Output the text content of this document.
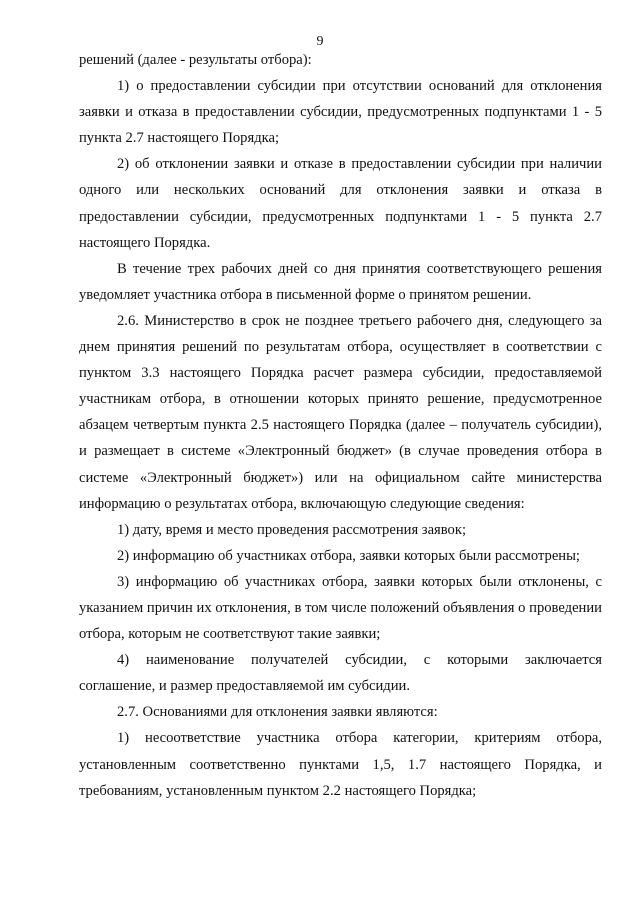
9

решений (далее - результаты отбора):

1) о предоставлении субсидии при отсутствии оснований для отклонения заявки и отказа в предоставлении субсидии, предусмотренных подпунктами 1 - 5 пункта 2.7 настоящего Порядка;

2) об отклонении заявки и отказе в предоставлении субсидии при наличии одного или нескольких оснований для отклонения заявки и отказа в предоставлении субсидии, предусмотренных подпунктами 1 - 5 пункта 2.7 настоящего Порядка.

В течение трех рабочих дней со дня принятия соответствующего решения уведомляет участника отбора в письменной форме о принятом решении.

2.6. Министерство в срок не позднее третьего рабочего дня, следующего за днем принятия решений по результатам отбора, осуществляет в соответствии с пунктом 3.3 настоящего Порядка расчет размера субсидии, предоставляемой участникам отбора, в отношении которых принято решение, предусмотренное абзацем четвертым пункта 2.5 настоящего Порядка (далее – получатель субсидии), и размещает в системе «Электронный бюджет» (в случае проведения отбора в системе «Электронный бюджет») или на официальном сайте министерства информацию о результатах отбора, включающую следующие сведения:

1) дату, время и место проведения рассмотрения заявок;

2) информацию об участниках отбора, заявки которых были рассмотрены;

3) информацию об участниках отбора, заявки которых были отклонены, с указанием причин их отклонения, в том числе положений объявления о проведении отбора, которым не соответствуют такие заявки;

4) наименование получателей субсидии, с которыми заключается соглашение, и размер предоставляемой им субсидии.

2.7. Основаниями для отклонения заявки являются:

1) несоответствие участника отбора категории, критериям отбора, установленным соответственно пунктами 1,5, 1.7 настоящего Порядка, и требованиям, установленным пунктом 2.2 настоящего Порядка;
